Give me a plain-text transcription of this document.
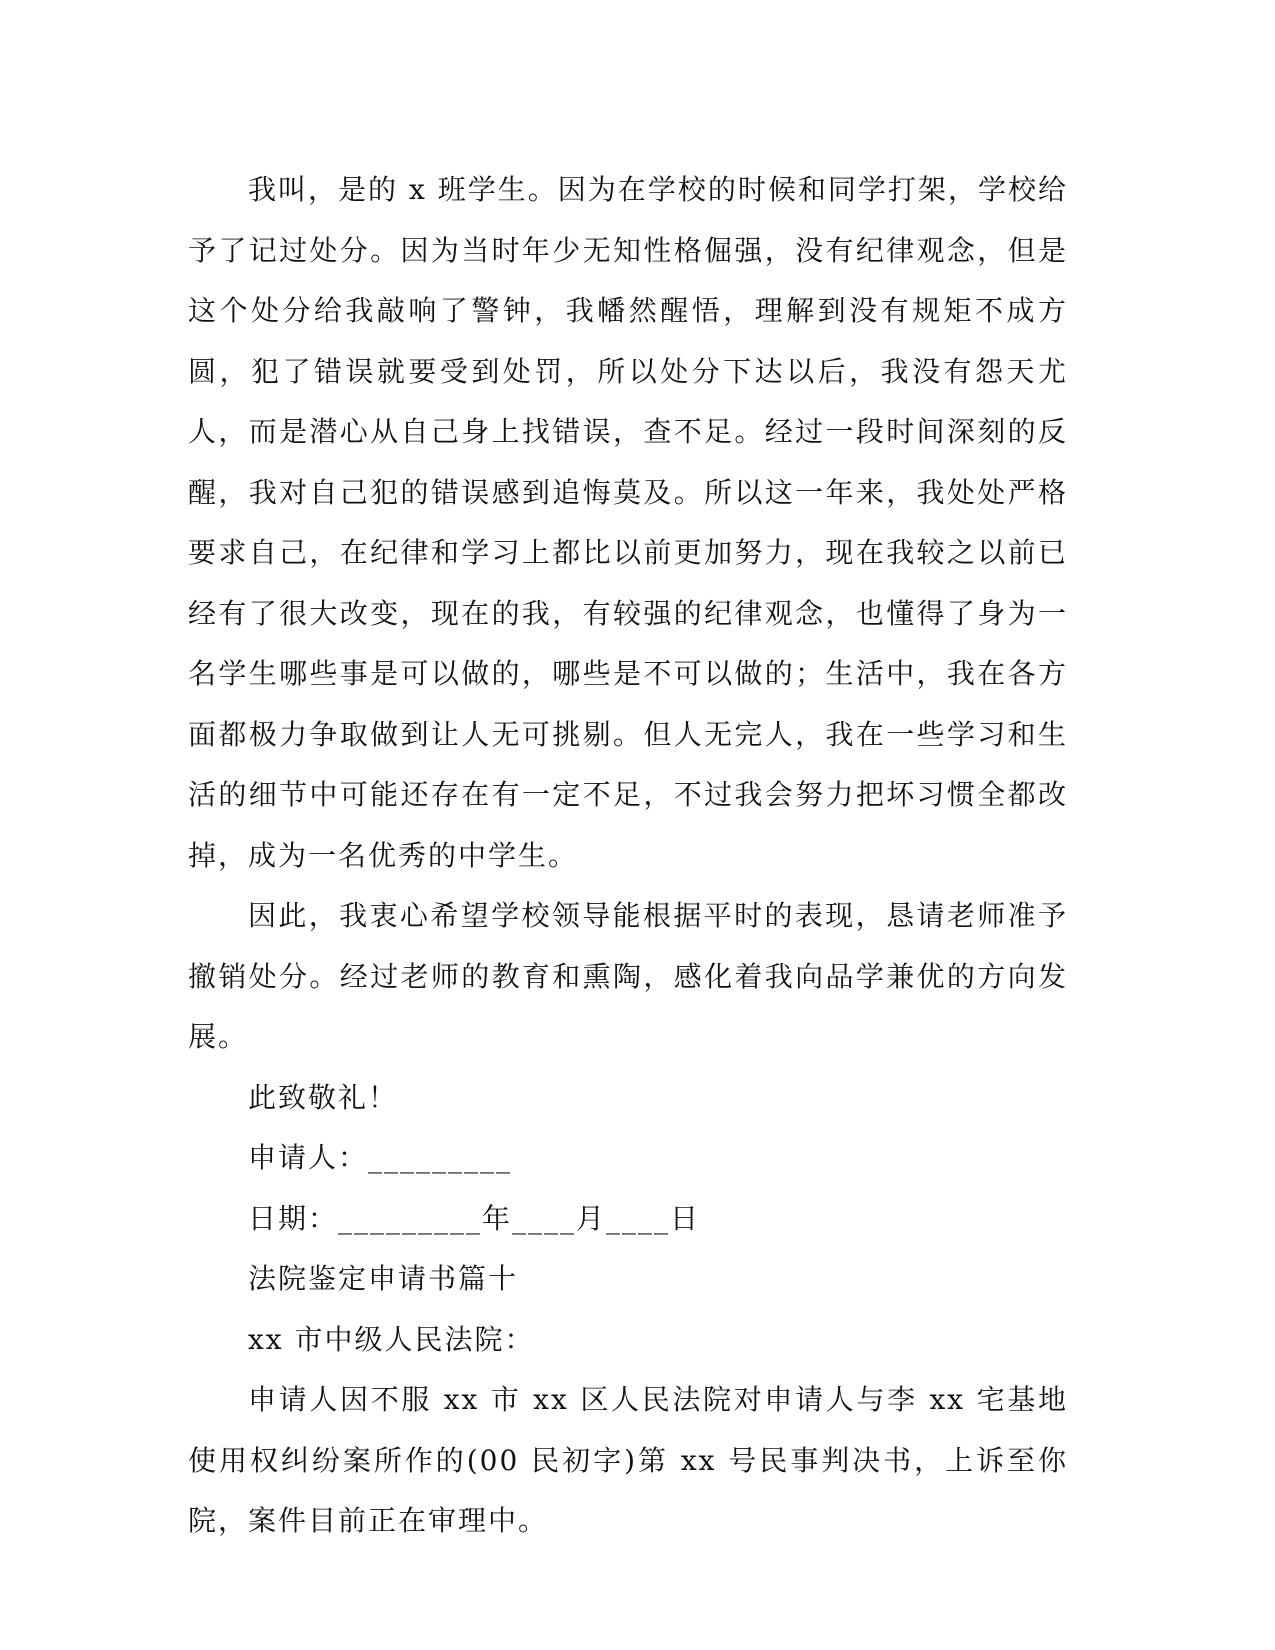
我叫，是的 x 班学生。因为在学校的时候和同学打架，学校给予了记过处分。因为当时年少无知性格倔强，没有纪律观念，但是这个处分给我敲响了警钟，我幡然醒悟，理解到没有规矩不成方圆，犯了错误就要受到处罚，所以处分下达以后，我没有怨天尤人，而是潜心从自己身上找错误，查不足。经过一段时间深刻的反醒，我对自己犯的错误感到追悔莫及。所以这一年来，我处处严格要求自己，在纪律和学习上都比以前更加努力，现在我较之以前已经有了很大改变，现在的我，有较强的纪律观念，也懂得了身为一名学生哪些事是可以做的，哪些是不可以做的；生活中，我在各方面都极力争取做到让人无可挑剔。但人无完人，我在一些学习和生活的细节中可能还存在有一定不足，不过我会努力把坏习惯全都改掉，成为一名优秀的中学生。

因此，我衷心希望学校领导能根据平时的表现，恳请老师准予撤销处分。经过老师的教育和熏陶，感化着我向品学兼优的方向发展。

此致敬礼！

申请人：_________

日期：_________年____月____日

法院鉴定申请书篇十

xx 市中级人民法院：

申请人因不服 xx 市 xx 区人民法院对申请人与李 xx 宅基地使用权纠纷案所作的(00 民初字)第 xx 号民事判决书，上诉至你院，案件目前正在审理中。
